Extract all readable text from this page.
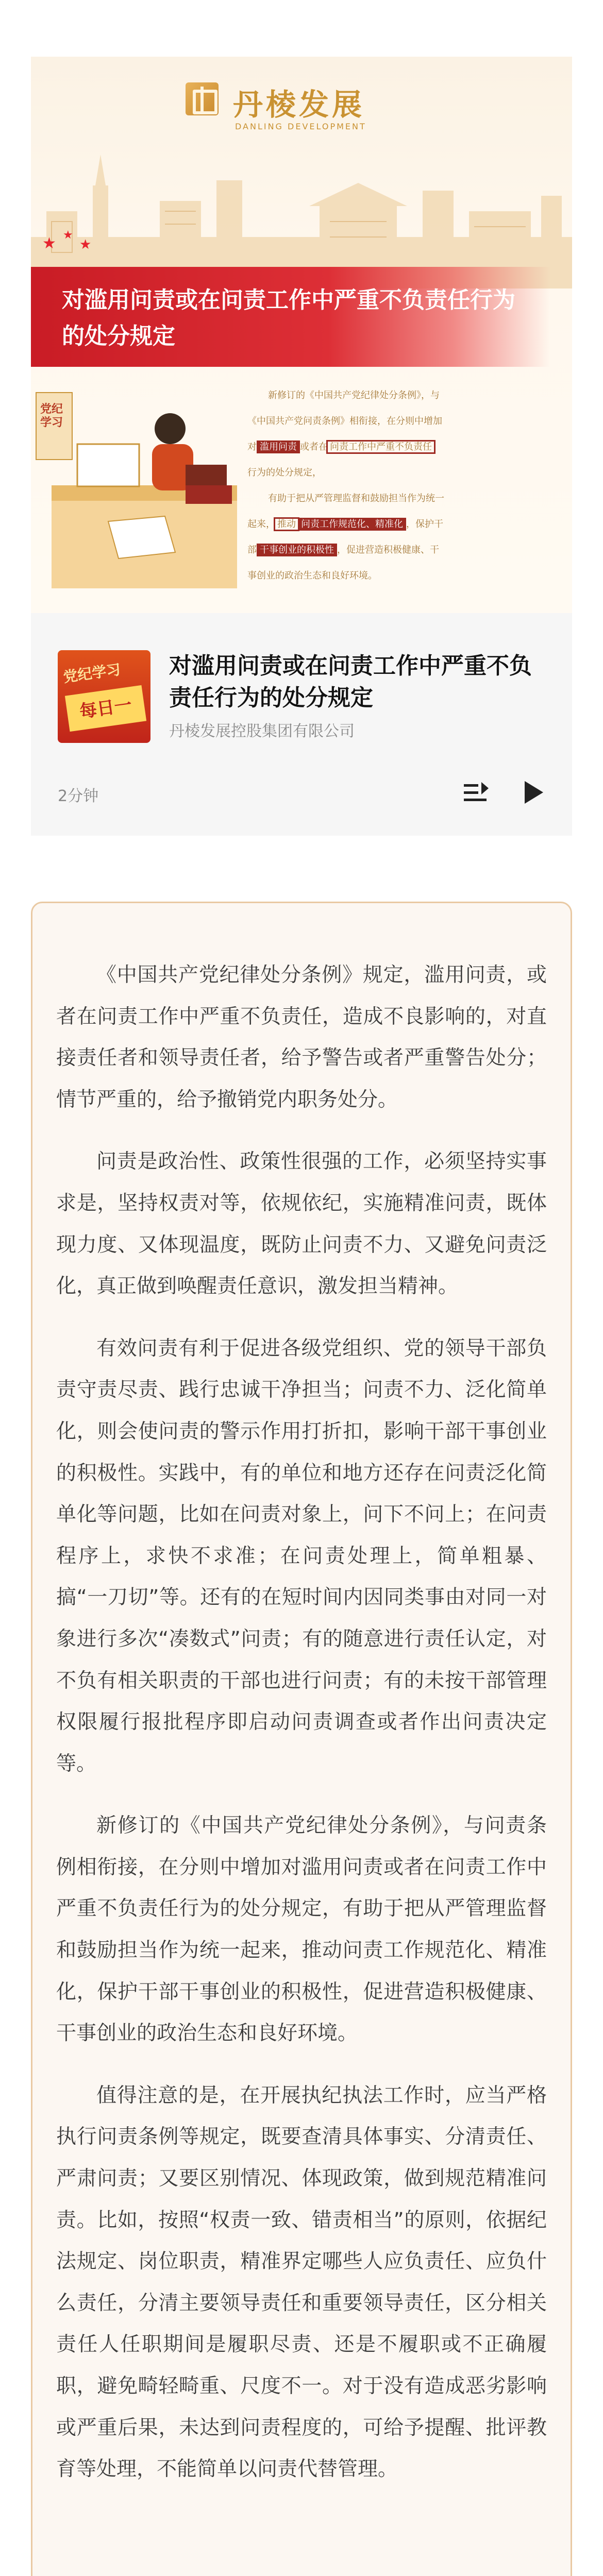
丹棱发展
DANLING DEVELOPMENT
★ ★
★
对滥用问责或在问责工作中严重不负责任行为的处分规定
党纪学习
新修订的《中国共产党纪律处分条例》，与
《中国共产党问责条例》相衔接，在分则中增加
对 滥用问责 或者在 问责工作中严重不负责任
行为的处分规定，
有助于把从严管理监督和鼓励担当作为统一
起来， 推动 问责工作规范化、精准化 ，保护干
部 干事创业的积极性 ，促进营造积极健康、干
事创业的政治生态和良好环境。
党纪学习
每日一
对滥用问责或在问责工作中严重不负责任行为的处分规定
丹棱发展控股集团有限公司
2分钟

《中国共产党纪律处分条例》规定，滥用问责，或者在问责工作中严重不负责任，造成不良影响的，对直接责任者和领导责任者，给予警告或者严重警告处分；情节严重的，给予撤销党内职务处分。

问责是政治性、政策性很强的工作，必须坚持实事求是，坚持权责对等，依规依纪，实施精准问责，既体现力度、又体现温度，既防止问责不力、又避免问责泛化，真正做到唤醒责任意识，激发担当精神。

有效问责有利于促进各级党组织、党的领导干部负责守责尽责、践行忠诚干净担当；问责不力、泛化简单化，则会使问责的警示作用打折扣，影响干部干事创业的积极性。实践中，有的单位和地方还存在问责泛化简单化等问题，比如在问责对象上，问下不问上；在问责程序上，求快不求准；在问责处理上，简单粗暴、搞“一刀切”等。还有的在短时间内因同类事由对同一对象进行多次“凑数式”问责；有的随意进行责任认定，对不负有相关职责的干部也进行问责；有的未按干部管理权限履行报批程序即启动问责调查或者作出问责决定等。

新修订的《中国共产党纪律处分条例》，与问责条例相衔接，在分则中增加对滥用问责或者在问责工作中严重不负责任行为的处分规定，有助于把从严管理监督和鼓励担当作为统一起来，推动问责工作规范化、精准化，保护干部干事创业的积极性，促进营造积极健康、干事创业的政治生态和良好环境。

值得注意的是，在开展执纪执法工作时，应当严格执行问责条例等规定，既要查清具体事实、分清责任、严肃问责；又要区别情况、体现政策，做到规范精准问责。比如，按照“权责一致、错责相当”的原则，依据纪法规定、岗位职责，精准界定哪些人应负责任、应负什么责任，分清主要领导责任和重要领导责任，区分相关责任人任职期间是履职尽责、还是不履职或不正确履职，避免畸轻畸重、尺度不一。对于没有造成恶劣影响或严重后果，未达到问责程度的，可给予提醒、批评教育等处理，不能简单以问责代替管理。
